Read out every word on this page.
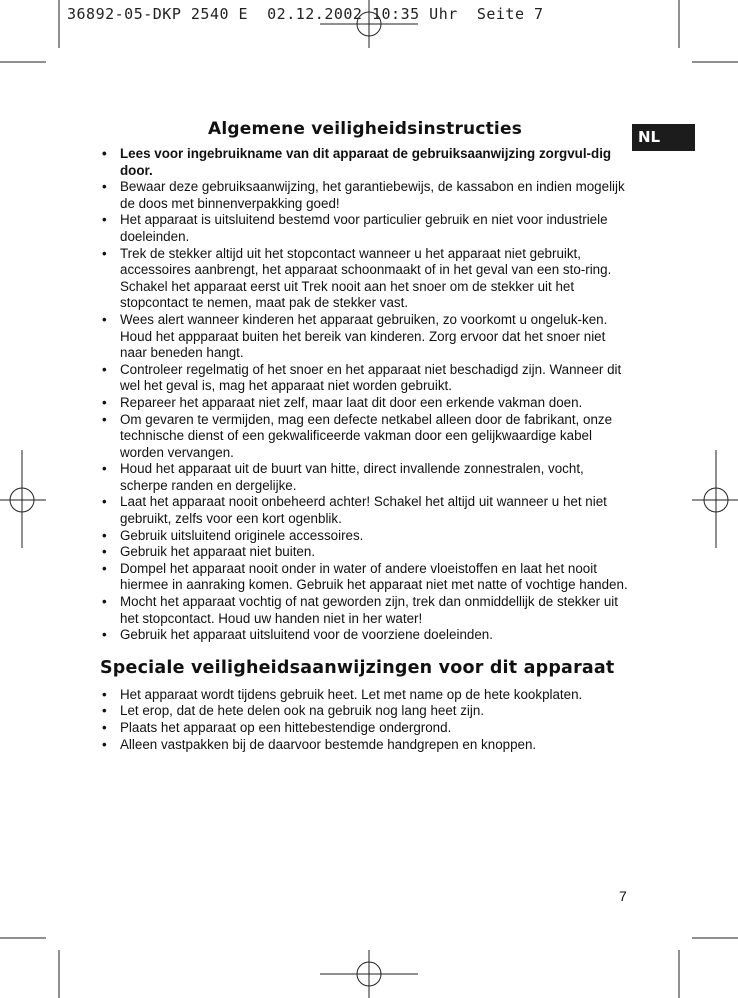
36892-05-DKP 2540 E  02.12.2002 10:35 Uhr  Seite 7
NL
Algemene veiligheidsinstructies
• Lees voor ingebruikname van dit apparaat de gebruiksaanwijzing zorgvul-dig door.
• Bewaar deze gebruiksaanwijzing, het garantiebewijs, de kassabon en indien mogelijk de doos met binnenverpakking goed!
• Het apparaat is uitsluitend bestemd voor particulier gebruik en niet voor industriele doeleinden.
• Trek de stekker altijd uit het stopcontact wanneer u het apparaat niet gebruikt, accessoires aanbrengt, het apparaat schoonmaakt of in het geval van een sto-ring. Schakel het apparaat eerst uit Trek nooit aan het snoer om de stekker uit het stopcontact te nemen, maat pak de stekker vast.
• Wees alert wanneer kinderen het apparaat gebruiken, zo voorkomt u ongeluk-ken. Houd het appparaat buiten het bereik van kinderen. Zorg ervoor dat het snoer niet naar beneden hangt.
• Controleer regelmatig of het snoer en het apparaat niet beschadigd zijn. Wanneer dit wel het geval is, mag het apparaat niet worden gebruikt.
• Repareer het apparaat niet zelf, maar laat dit door een erkende vakman doen.
• Om gevaren te vermijden, mag een defecte netkabel alleen door de fabrikant, onze technische dienst of een gekwalificeerde vakman door een gelijkwaardige kabel worden vervangen.
• Houd het apparaat uit de buurt van hitte, direct invallende zonnestralen, vocht, scherpe randen en dergelijke.
• Laat het apparaat nooit onbeheerd achter! Schakel het altijd uit wanneer u het niet gebruikt, zelfs voor een kort ogenblik.
• Gebruik uitsluitend originele accessoires.
• Gebruik het apparaat niet buiten.
• Dompel het apparaat nooit onder in water of andere vloeistoffen en laat het nooit hiermee in aanraking komen. Gebruik het apparaat niet met natte of vochtige handen.
• Mocht het apparaat vochtig of nat geworden zijn, trek dan onmiddellijk de stekker uit het stopcontact. Houd uw handen niet in her water!
• Gebruik het apparaat uitsluitend voor de voorziene doeleinden.
Speciale veiligheidsaanwijzingen voor dit apparaat
• Het apparaat wordt tijdens gebruik heet. Let met name op de hete kookplaten.
• Let erop, dat de hete delen ook na gebruik nog lang heet zijn.
• Plaats het apparaat op een hittebestendige ondergrond.
• Alleen vastpakken bij de daarvoor bestemde handgrepen en knoppen.
7
